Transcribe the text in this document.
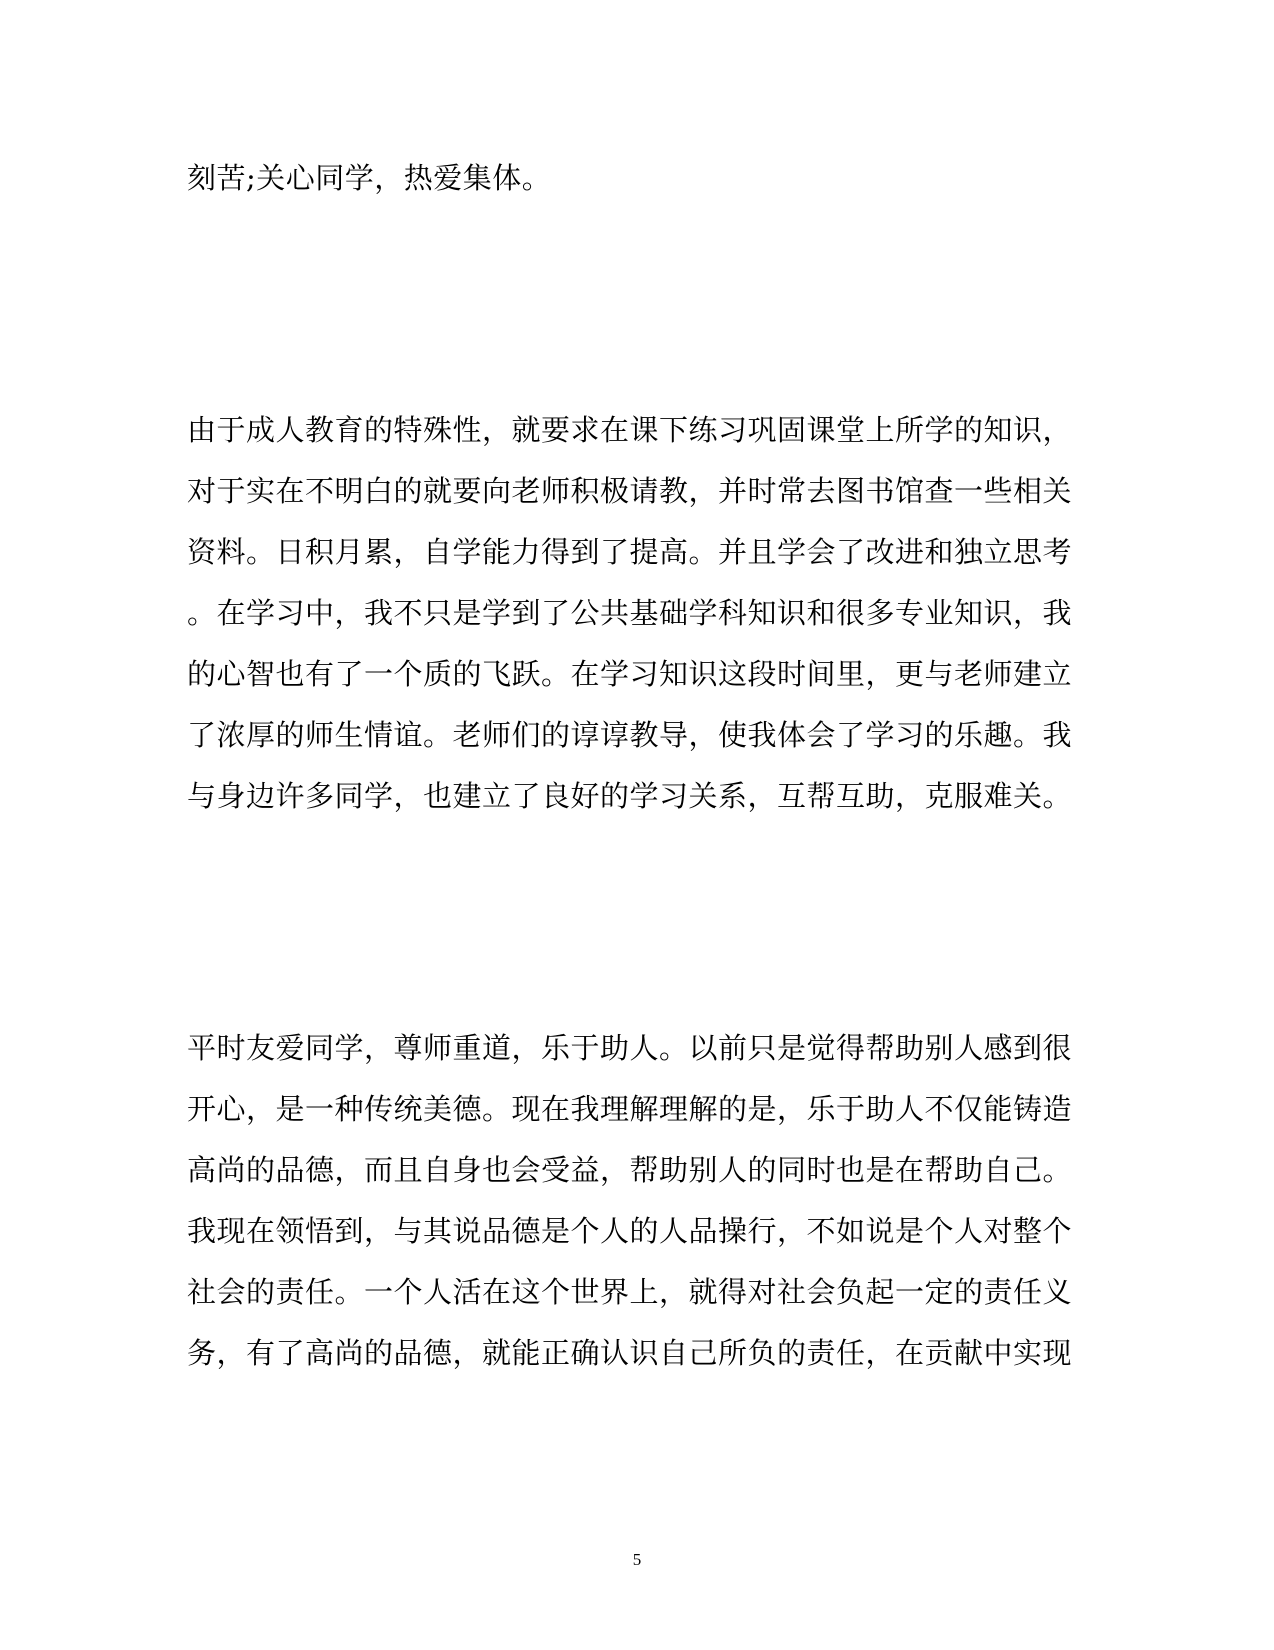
刻苦;关心同学，热爱集体。
由于成人教育的特殊性，就要求在课下练习巩固课堂上所学的知识，
对于实在不明白的就要向老师积极请教，并时常去图书馆查一些相关
资料。日积月累，自学能力得到了提高。并且学会了改进和独立思考
。在学习中，我不只是学到了公共基础学科知识和很多专业知识，我
的心智也有了一个质的飞跃。在学习知识这段时间里，更与老师建立
了浓厚的师生情谊。老师们的谆谆教导，使我体会了学习的乐趣。我
与身边许多同学，也建立了良好的学习关系，互帮互助，克服难关。
平时友爱同学，尊师重道，乐于助人。以前只是觉得帮助别人感到很
开心，是一种传统美德。现在我理解理解的是，乐于助人不仅能铸造
高尚的品德，而且自身也会受益，帮助别人的同时也是在帮助自己。
我现在领悟到，与其说品德是个人的人品操行，不如说是个人对整个
社会的责任。一个人活在这个世界上，就得对社会负起一定的责任义
务，有了高尚的品德，就能正确认识自己所负的责任，在贡献中实现
5
